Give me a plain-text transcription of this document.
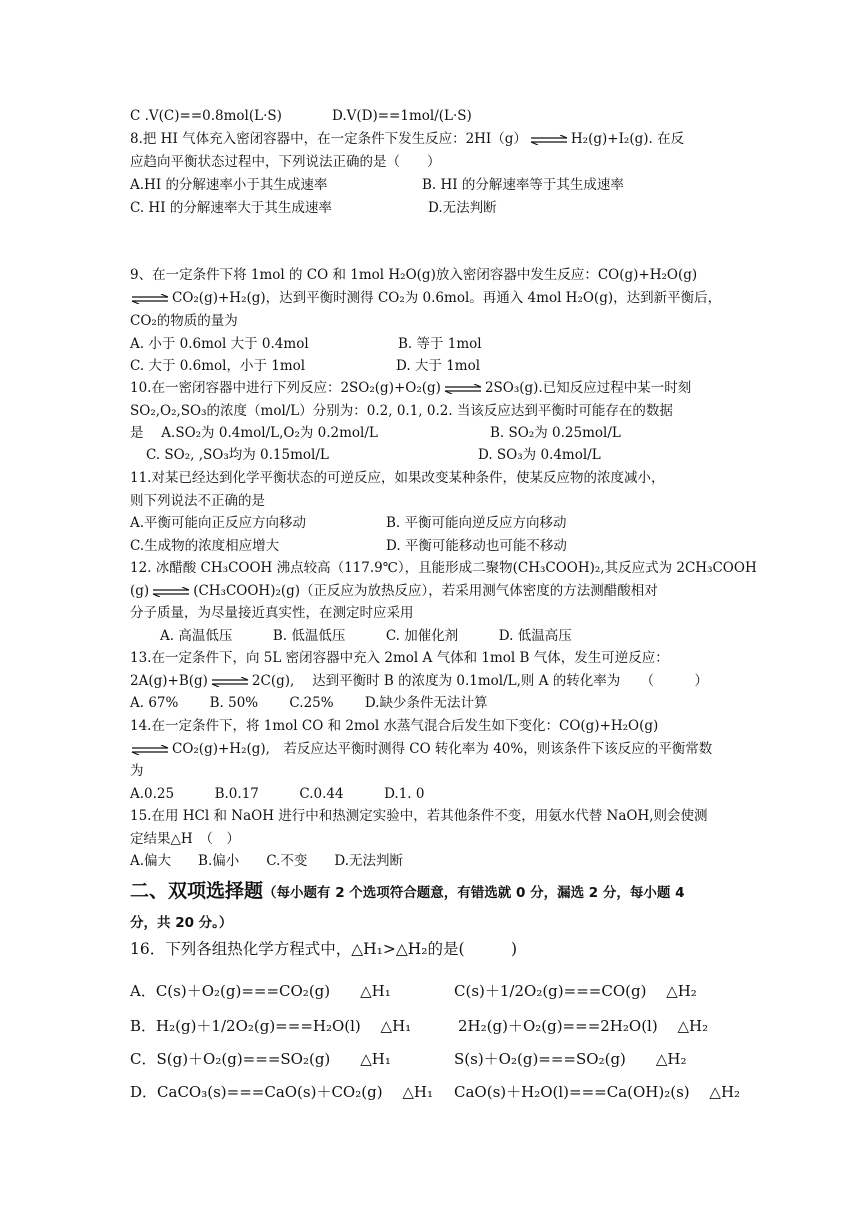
C .V(C)==0.8mol(L·S)	D.V(D)==1mol/(L·S)
8.把 HI 气体充入密闭容器中，在一定条件下发生反应：2HI（g） ⇌ H₂(g)+I₂(g). 在反
应趋向平衡状态过程中，下列说法正确的是（　　）
A.HI 的分解速率小于其生成速率	B. HI 的分解速率等于其生成速率
C. HI 的分解速率大于其生成速率	D.无法判断
9、在一定条件下将 1mol 的 CO 和 1mol H₂O(g)放入密闭容器中发生反应：CO(g)+H₂O(g)
⇌ CO₂(g)+H₂(g)，达到平衡时测得 CO₂为 0.6mol。再通入 4mol H₂O(g)，达到新平衡后，
CO₂的物质的量为
A. 小于 0.6mol 大于 0.4mol	B. 等于 1mol
C. 大于 0.6mol，小于 1mol	D. 大于 1mol
10.在一密闭容器中进行下列反应：2SO₂(g)+O₂(g) ⇌ 2SO₃(g).已知反应过程中某一时刻
SO₂,O₂,SO₃的浓度（mol/L）分别为：0.2, 0.1, 0.2. 当该反应达到平衡时可能存在的数据
是　 A.SO₂为 0.4mol/L,O₂为 0.2mol/L	B. SO₂为 0.25mol/L
C. SO₂, ,SO₃均为 0.15mol/L	D. SO₃为 0.4mol/L
11.对某已经达到化学平衡状态的可逆反应，如果改变某种条件，使某反应物的浓度减小，
则下列说法不正确的是
A.平衡可能向正反应方向移动	B. 平衡可能向逆反应方向移动
C.生成物的浓度相应增大	D. 平衡可能移动也可能不移动
12. 冰醋酸 CH₃COOH 沸点较高（117.9℃），且能形成二聚物(CH₃COOH)₂,其反应式为 2CH₃COOH
(g) ⇌ (CH₃COOH)₂(g)（正反应为放热反应），若采用测气体密度的方法测醋酸相对
分子质量，为尽量接近真实性，在测定时应采用
A. 高温低压　　　B. 低温低压　　　C. 加催化剂　　　D. 低温高压
13.在一定条件下，向 5L 密闭容器中充入 2mol A 气体和 1mol B 气体，发生可逆反应：
2A(g)+B(g) ⇌ 2C(g),　 达到平衡时 B 的浓度为 0.1mol/L,则 A 的转化率为　　（　　　）
A. 67%　　 B. 50%　　 C.25%　　 D.缺少条件无法计算
14.在一定条件下，将 1mol CO 和 2mol 水蒸气混合后发生如下变化：CO(g)+H₂O(g)
⇌ CO₂(g)+H₂(g),　若反应达平衡时测得 CO 转化率为 40%，则该条件下该反应的平衡常数
为
A.0.25　　　B.0.17　　　C.0.44　　　D.1. 0
15.在用 HCl 和 NaOH 进行中和热测定实验中，若其他条件不变，用氨水代替 NaOH,则会使测
定结果△H　（　）
A.偏大　　B.偏小　　C.不变　　D.无法判断
二、双项选择题（每小题有 2 个选项符合题意，有错选就 0 分，漏选 2 分，每小题 4
分，共 20 分。）
16．下列各组热化学方程式中，△H₁>△H₂的是(　　　)
A．C(s)＋O₂(g)===CO₂(g)　　△H₁	C(s)＋1/2O₂(g)===CO(g)　 △H₂
B．H₂(g)＋1/2O₂(g)===H₂O(l)　 △H₁	2H₂(g)＋O₂(g)===2H₂O(l)　 △H₂
C．S(g)＋O₂(g)===SO₂(g)　　△H₁	S(s)＋O₂(g)===SO₂(g)　　△H₂
D．CaCO₃(s)===CaO(s)＋CO₂(g)　 △H₁ CaO(s)＋H₂O(l)===Ca(OH)₂(s)　 △H₂
